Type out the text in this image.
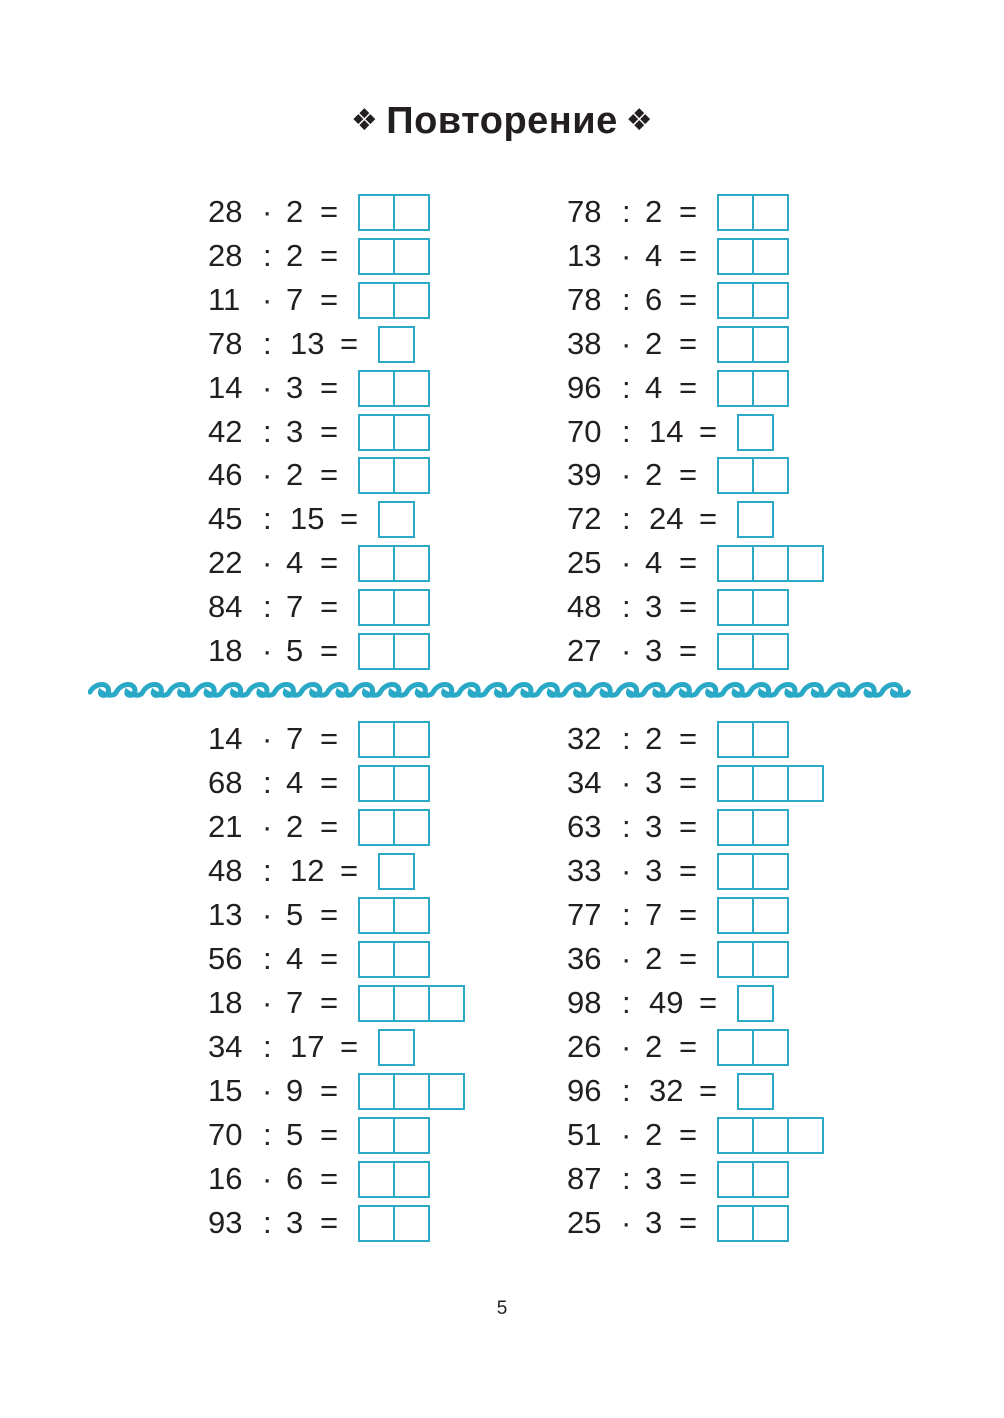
❖ Повторение ❖
28 · 2 =
28 : 2 =
11 · 7 =
78 : 13 =
14 · 3 =
42 : 3 =
46 · 2 =
45 : 15 =
22 · 4 =
84 : 7 =
18 · 5 =
78 : 2 =
13 · 4 =
78 : 6 =
38 · 2 =
96 : 4 =
70 : 14 =
39 · 2 =
72 : 24 =
25 · 4 =
48 : 3 =
27 · 3 =
14 · 7 =
68 : 4 =
21 · 2 =
48 : 12 =
13 · 5 =
56 : 4 =
18 · 7 =
34 : 17 =
15 · 9 =
70 : 5 =
16 · 6 =
93 : 3 =
32 : 2 =
34 · 3 =
63 : 3 =
33 · 3 =
77 : 7 =
36 · 2 =
98 : 49 =
26 · 2 =
96 : 32 =
51 · 2 =
87 : 3 =
25 · 3 =
5
